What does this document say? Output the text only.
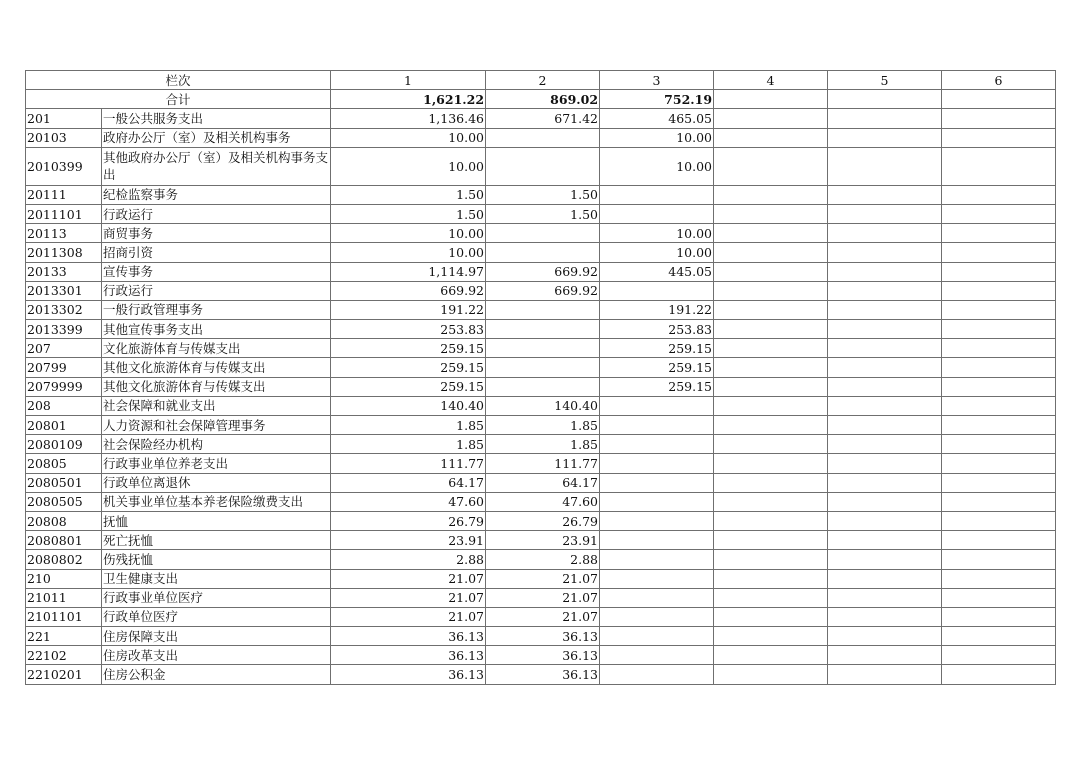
栏次		1	2	3	4	5	6
合计		1,621.22	869.02	752.19			
201	一般公共服务支出	1,136.46	671.42	465.05			
20103	政府办公厅（室）及相关机构事务	10.00		10.00			
2010399	其他政府办公厅（室）及相关机构事务支出	10.00		10.00			
20111	纪检监察事务	1.50	1.50				
2011101	行政运行	1.50	1.50				
20113	商贸事务	10.00		10.00			
2011308	招商引资	10.00		10.00			
20133	宣传事务	1,114.97	669.92	445.05			
2013301	行政运行	669.92	669.92				
2013302	一般行政管理事务	191.22		191.22			
2013399	其他宣传事务支出	253.83		253.83			
207	文化旅游体育与传媒支出	259.15		259.15			
20799	其他文化旅游体育与传媒支出	259.15		259.15			
2079999	其他文化旅游体育与传媒支出	259.15		259.15			
208	社会保障和就业支出	140.40	140.40				
20801	人力资源和社会保障管理事务	1.85	1.85				
2080109	社会保险经办机构	1.85	1.85				
20805	行政事业单位养老支出	111.77	111.77				
2080501	行政单位离退休	64.17	64.17				
2080505	机关事业单位基本养老保险缴费支出	47.60	47.60				
20808	抚恤	26.79	26.79				
2080801	死亡抚恤	23.91	23.91				
2080802	伤残抚恤	2.88	2.88				
210	卫生健康支出	21.07	21.07				
21011	行政事业单位医疗	21.07	21.07				
2101101	行政单位医疗	21.07	21.07				
221	住房保障支出	36.13	36.13				
22102	住房改革支出	36.13	36.13				
2210201	住房公积金	36.13	36.13				
